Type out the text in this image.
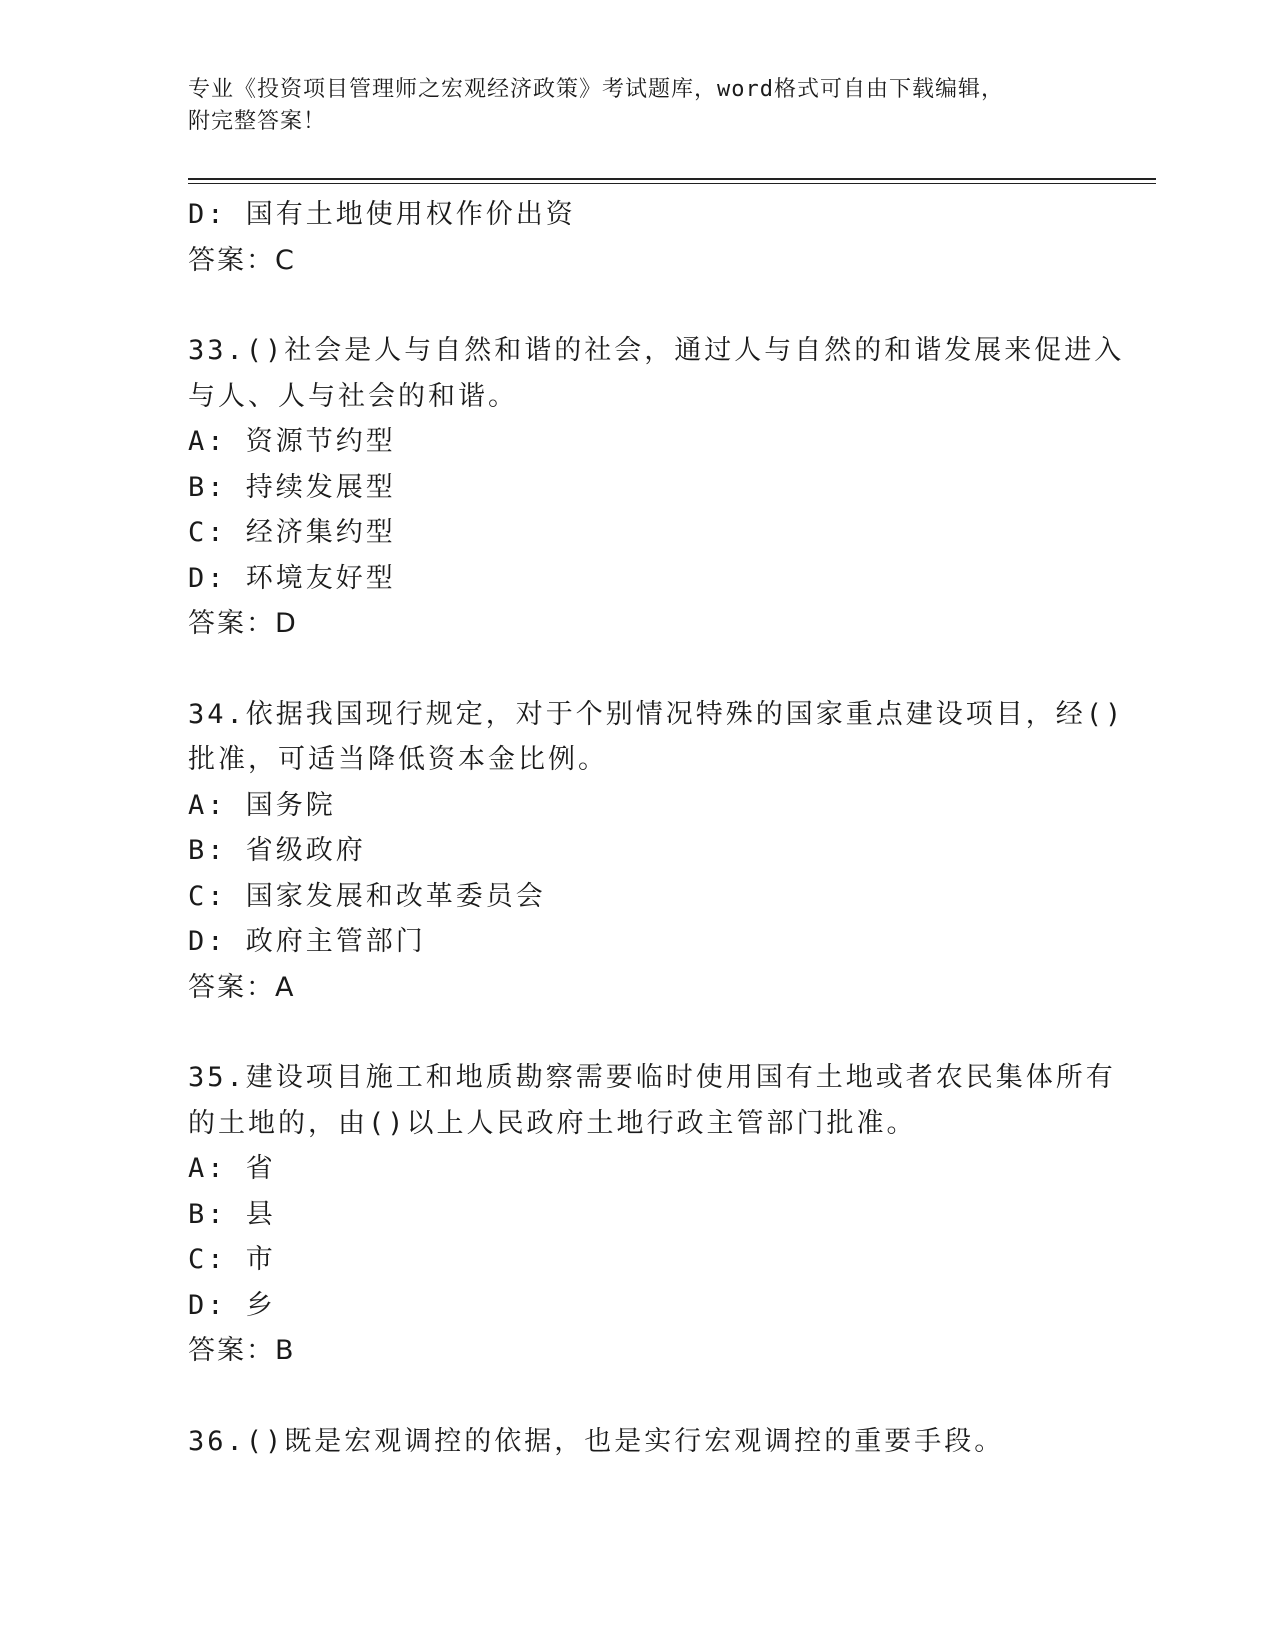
专业《投资项目管理师之宏观经济政策》考试题库，word格式可自由下载编辑，
附完整答案！
D: 国有土地使用权作价出资
答案：C
33.()社会是人与自然和谐的社会，通过人与自然的和谐发展来促进入
与人、人与社会的和谐。
A: 资源节约型
B: 持续发展型
C: 经济集约型
D: 环境友好型
答案：D
34.依据我国现行规定，对于个别情况特殊的国家重点建设项目，经()
批准，可适当降低资本金比例。
A: 国务院
B: 省级政府
C: 国家发展和改革委员会
D: 政府主管部门
答案：A
35.建设项目施工和地质勘察需要临时使用国有土地或者农民集体所有
的土地的，由()以上人民政府土地行政主管部门批准。
A: 省
B: 县
C: 市
D: 乡
答案：B
36.()既是宏观调控的依据，也是实行宏观调控的重要手段。
